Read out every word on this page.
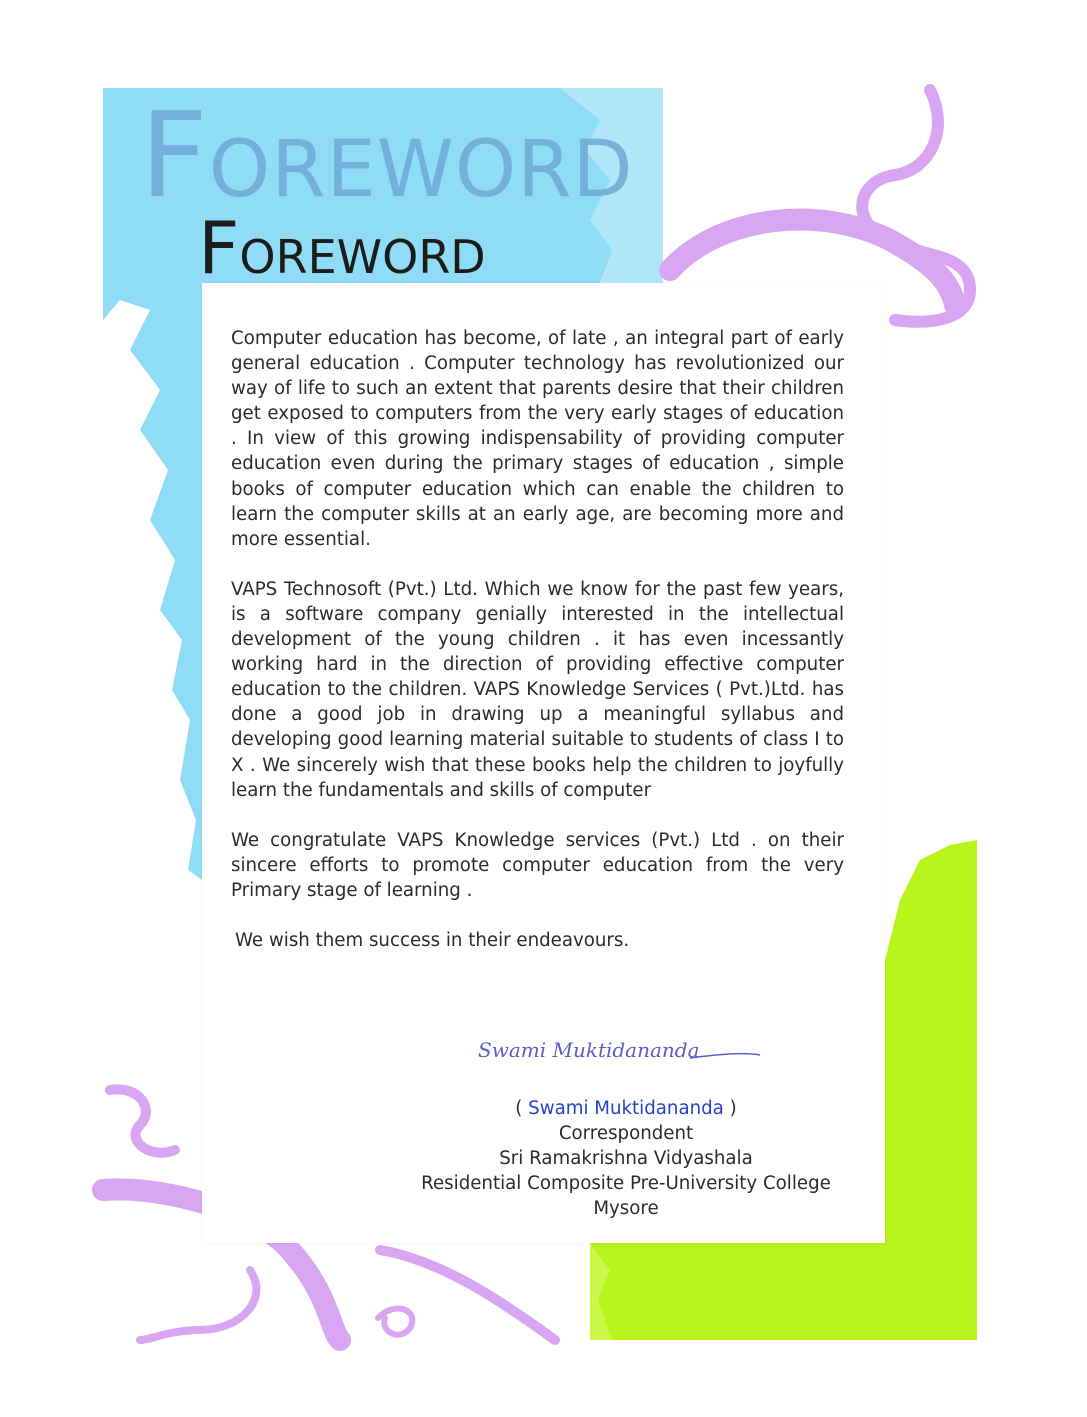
FOREWORD
FOREWORD

Computer education has become, of late , an integral part of early general education . Computer technology has revolutionized our way of life to such an extent that parents desire that their children get exposed to computers from the very early stages of education . In view of this growing indispensability of providing computer education even during the primary stages of education , simple books of computer education which can enable the children to learn the computer skills at an early age, are becoming more and more essential.

VAPS Technosoft (Pvt.) Ltd. Which we know for the past few years, is a software company genially interested in the intellectual development of the young children . it has even incessantly working hard in the direction of providing effective computer education to the children. VAPS Knowledge Services ( Pvt.)Ltd. has done a good job in drawing up a meaningful syllabus and developing good learning material suitable to students of class I to X . We sincerely wish that these books help the children to joyfully learn the fundamentals and skills of computer

We congratulate VAPS Knowledge services (Pvt.) Ltd . on their sincere efforts to promote computer education from the very Primary stage of learning .

We wish them success in their endeavours.

Swami Muktidananda
( Swami Muktidananda )
Correspondent
Sri Ramakrishna Vidyashala
Residential Composite Pre-University College
Mysore
